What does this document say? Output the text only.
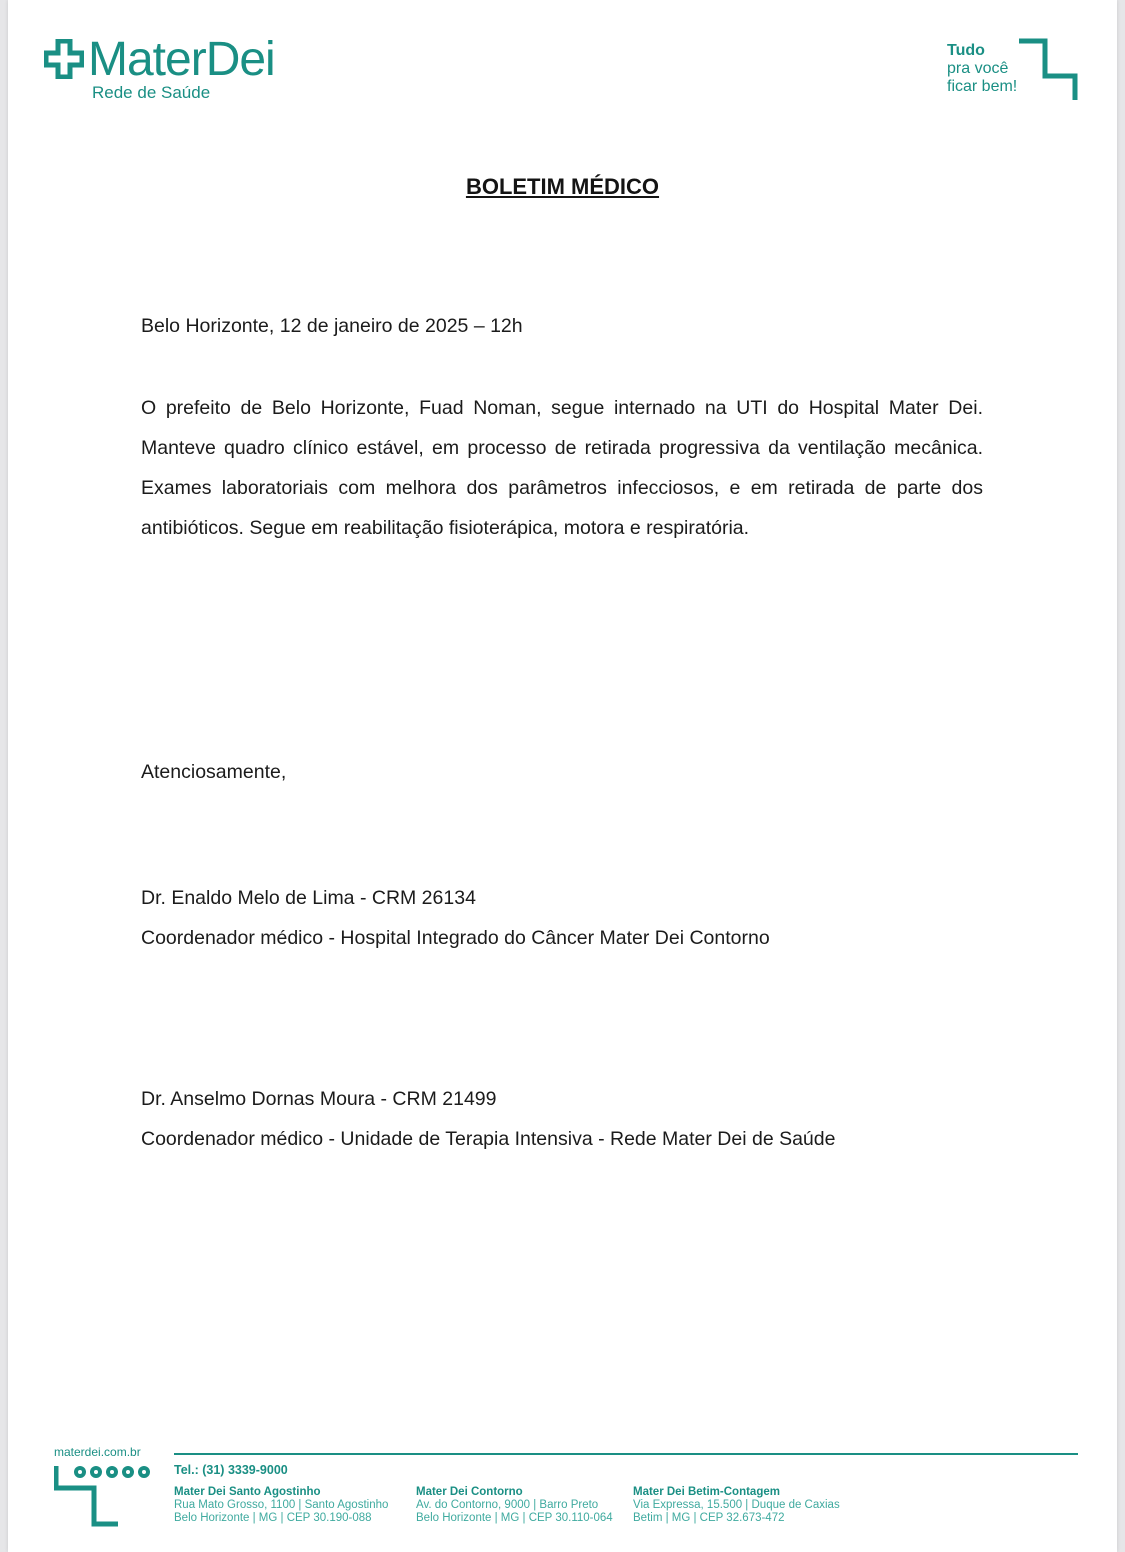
MaterDei
Rede de Saúde
Tudo
pra você
ficar bem!
BOLETIM MÉDICO
Belo Horizonte, 12 de janeiro de 2025 – 12h
O prefeito de Belo Horizonte, Fuad Noman, segue internado na UTI do Hospital Mater Dei. Manteve quadro clínico estável, em processo de retirada progressiva da ventilação mecânica. Exames laboratoriais com melhora dos parâmetros infecciosos, e em retirada de parte dos antibióticos. Segue em reabilitação fisioterápica, motora e respiratória.
Atenciosamente,
Dr. Enaldo Melo de Lima - CRM 26134
Coordenador médico - Hospital Integrado do Câncer Mater Dei Contorno
Dr. Anselmo Dornas Moura - CRM 21499
Coordenador médico - Unidade de Terapia Intensiva - Rede Mater Dei de Saúde
materdei.com.br
Tel.: (31) 3339-9000
Mater Dei Santo Agostinho
Rua Mato Grosso, 1100 | Santo Agostinho
Belo Horizonte | MG | CEP 30.190-088
Mater Dei Contorno
Av. do Contorno, 9000 | Barro Preto
Belo Horizonte | MG | CEP 30.110-064
Mater Dei Betim-Contagem
Via Expressa, 15.500 | Duque de Caxias
Betim | MG | CEP 32.673-472
